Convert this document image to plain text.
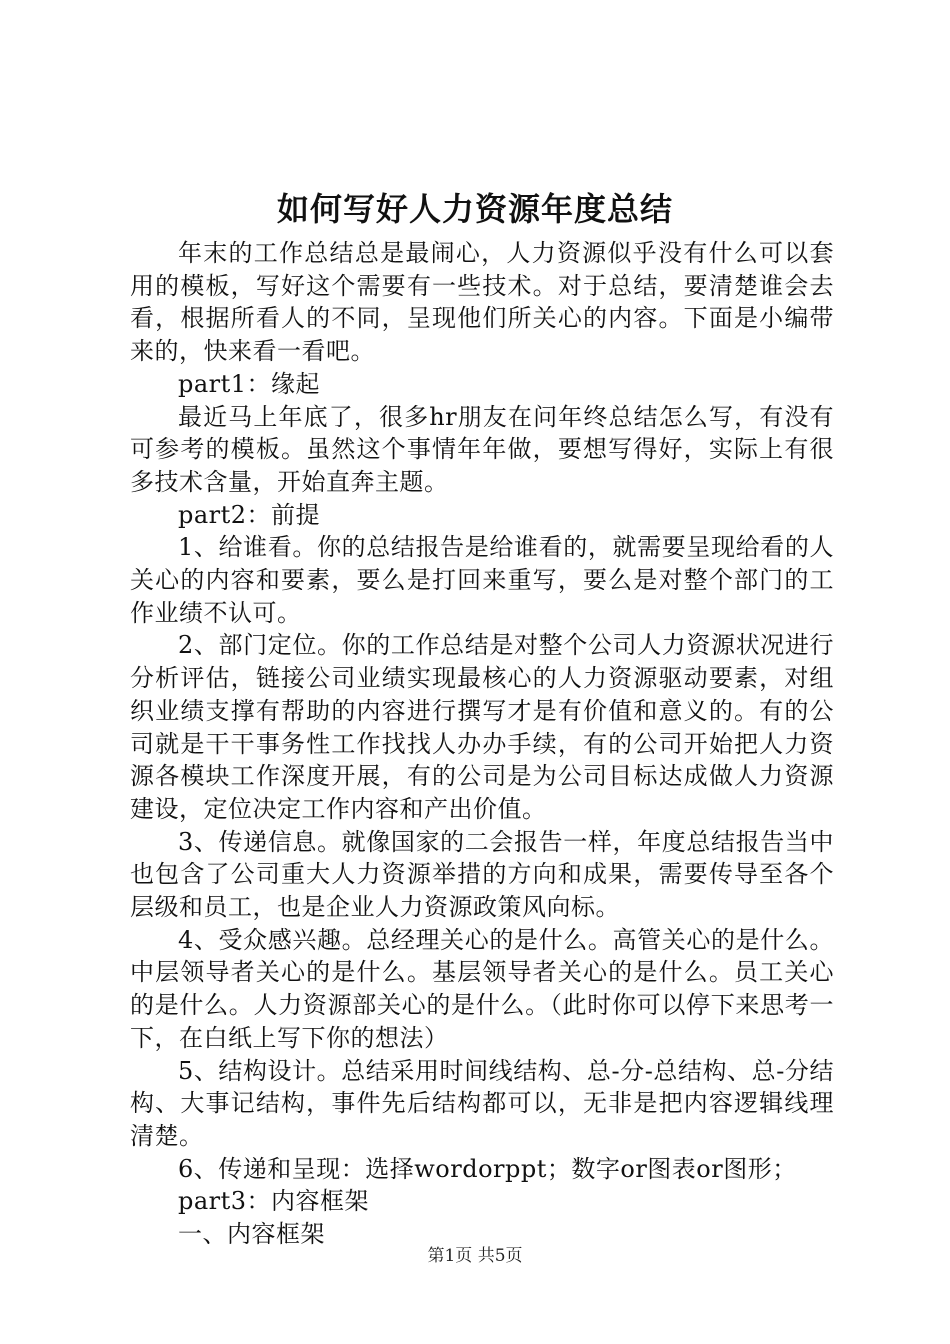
如何写好人力资源年度总结

年末的工作总结总是最闹心，人力资源似乎没有什么可以套用的模板，写好这个需要有一些技术。对于总结，要清楚谁会去看，根据所看人的不同，呈现他们所关心的内容。下面是小编带来的，快来看一看吧。

part1：缘起

最近马上年底了，很多hr朋友在问年终总结怎么写，有没有可参考的模板。虽然这个事情年年做，要想写得好，实际上有很多技术含量，开始直奔主题。

part2：前提

1、给谁看。你的总结报告是给谁看的，就需要呈现给看的人关心的内容和要素，要么是打回来重写，要么是对整个部门的工作业绩不认可。

2、部门定位。你的工作总结是对整个公司人力资源状况进行分析评估，链接公司业绩实现最核心的人力资源驱动要素，对组织业绩支撑有帮助的内容进行撰写才是有价值和意义的。有的公司就是干干事务性工作找找人办办手续，有的公司开始把人力资源各模块工作深度开展，有的公司是为公司目标达成做人力资源建设，定位决定工作内容和产出价值。

3、传递信息。就像国家的二会报告一样，年度总结报告当中也包含了公司重大人力资源举措的方向和成果，需要传导至各个层级和员工，也是企业人力资源政策风向标。

4、受众感兴趣。总经理关心的是什么。高管关心的是什么。中层领导者关心的是什么。基层领导者关心的是什么。员工关心的是什么。人力资源部关心的是什么。（此时你可以停下来思考一下，在白纸上写下你的想法）

5、结构设计。总结采用时间线结构、总-分-总结构、总-分结构、大事记结构，事件先后结构都可以，无非是把内容逻辑线理清楚。

6、传递和呈现：选择wordorppt；数字or图表or图形；

part3：内容框架

一、内容框架

第1页 共5页
